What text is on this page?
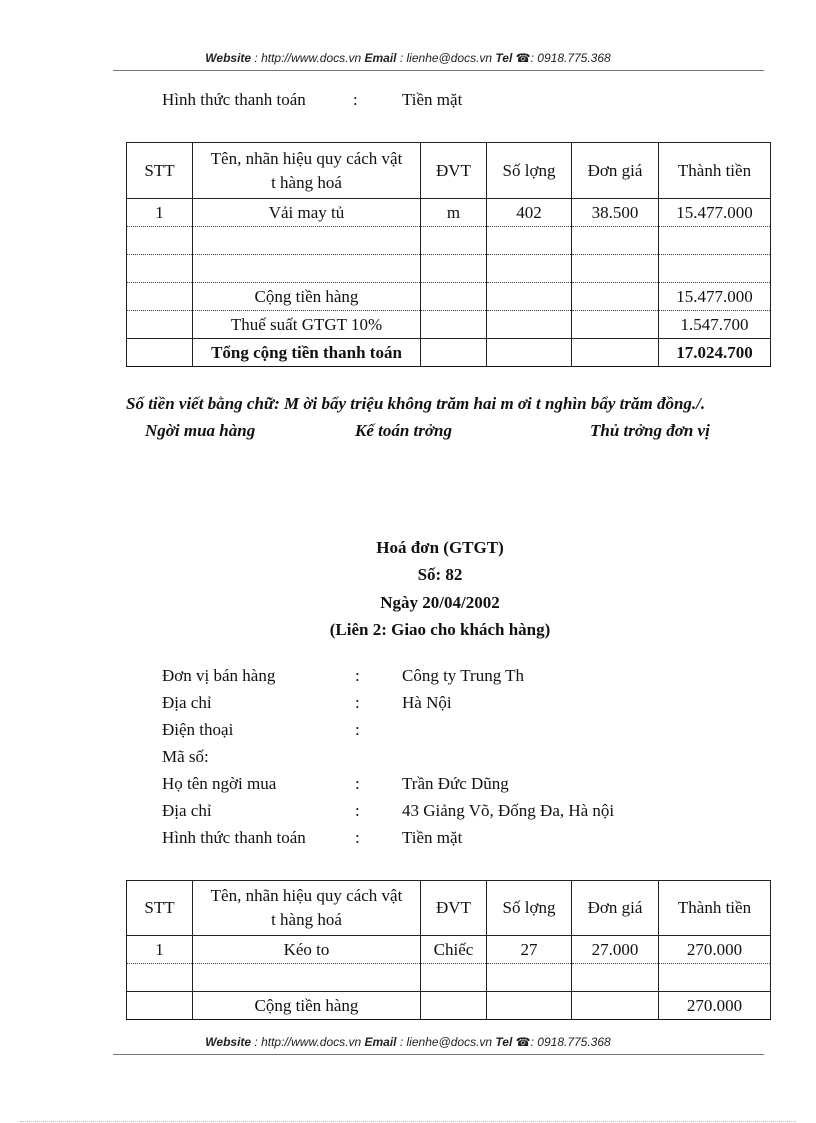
Website : http://www.docs.vn Email : lienhe@docs.vn Tel ☎: 0918.775.368
Hình thức thanh toán	:	Tiền mặt
STT	Tên, nhãn hiệu quy cách vật
t hàng hoá	ĐVT	Số lợng	Đơn giá	Thành tiền
1	Vải may tủ	m	402	38.500	15.477.000

	Cộng tiền hàng				15.477.000
	Thuế suất GTGT 10%				1.547.700
	Tổng cộng tiền thanh toán				17.024.700
Số tiền viết bằng chữ: M ời bẩy triệu không trăm hai m ơi t nghìn bẩy trăm đồng./.
Ngời mua hàng	Kế toán trởng	Thủ trởng đơn vị
Hoá đơn (GTGT)
Số: 82
Ngày 20/04/2002
(Liên 2: Giao cho khách hàng)
Đơn vị bán hàng	: Công ty Trung Th
Địa chỉ	: Hà Nội
Điện thoại	:
Mã số:
Họ tên ngời mua	: Trần Đức Dũng
Địa chỉ	: 43 Giảng Võ, Đống Đa, Hà nội
Hình thức thanh toán	: Tiền mặt
STT	Tên, nhãn hiệu quy cách vật
t hàng hoá	ĐVT	Số lợng	Đơn giá	Thành tiền
1	Kéo to	Chiếc	27	27.000	270.000

	Cộng tiền hàng				270.000
Website : http://www.docs.vn Email : lienhe@docs.vn Tel ☎: 0918.775.368
